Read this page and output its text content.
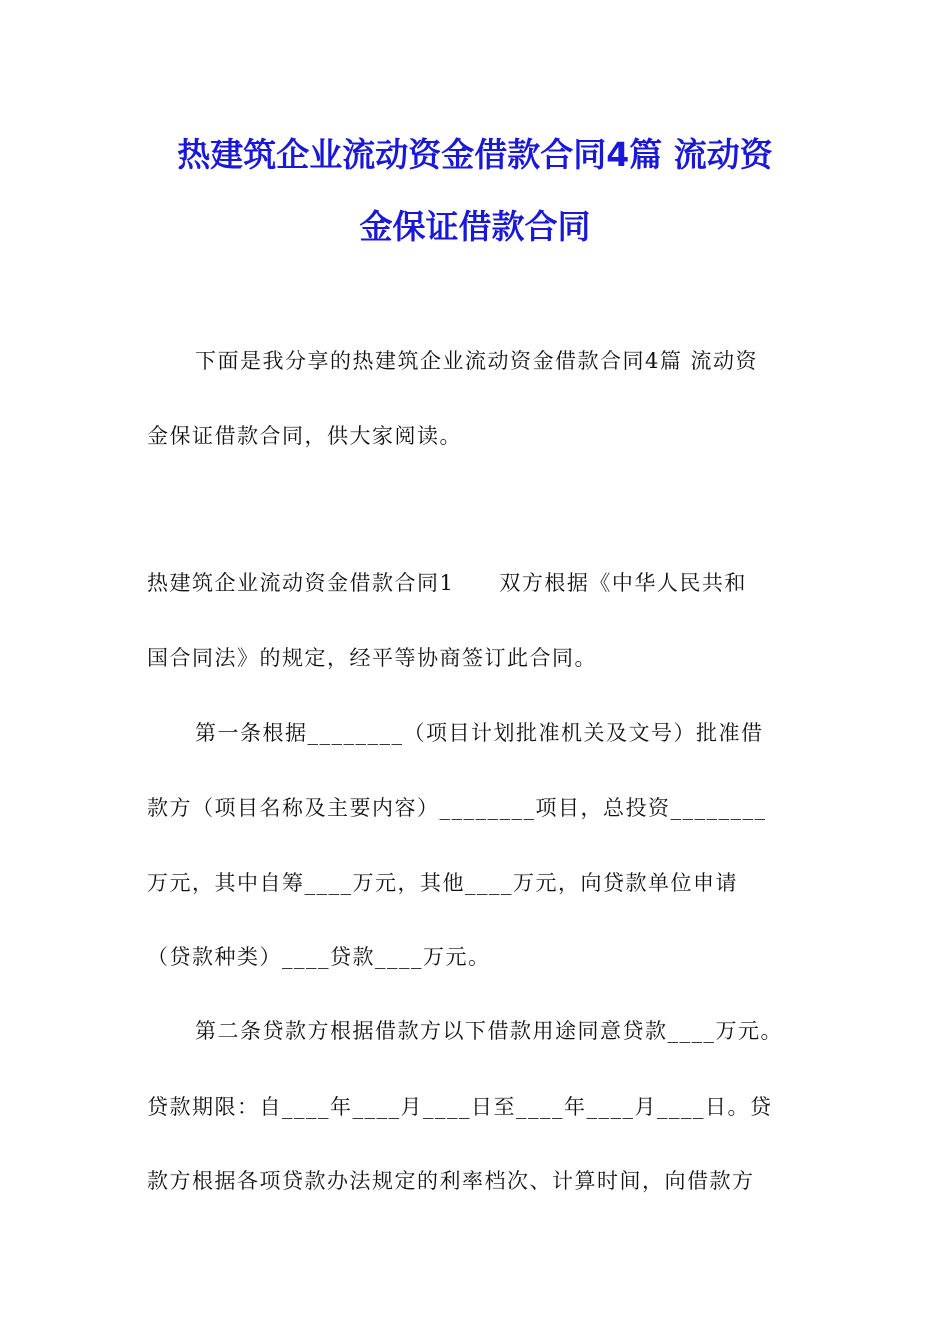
热建筑企业流动资金借款合同4篇 流动资
金保证借款合同
下面是我分享的热建筑企业流动资金借款合同4篇 流动资
金保证借款合同，供大家阅读。
热建筑企业流动资金借款合同1　　双方根据《中华人民共和
国合同法》的规定，经平等协商签订此合同。
第一条根据________（项目计划批准机关及文号）批准借
款方（项目名称及主要内容）________项目，总投资________
万元，其中自筹____万元，其他____万元，向贷款单位申请
（贷款种类）____贷款____万元。
第二条贷款方根据借款方以下借款用途同意贷款____万元。
贷款期限：自____年____月____日至____年____月____日。贷
款方根据各项贷款办法规定的利率档次、计算时间，向借款方
